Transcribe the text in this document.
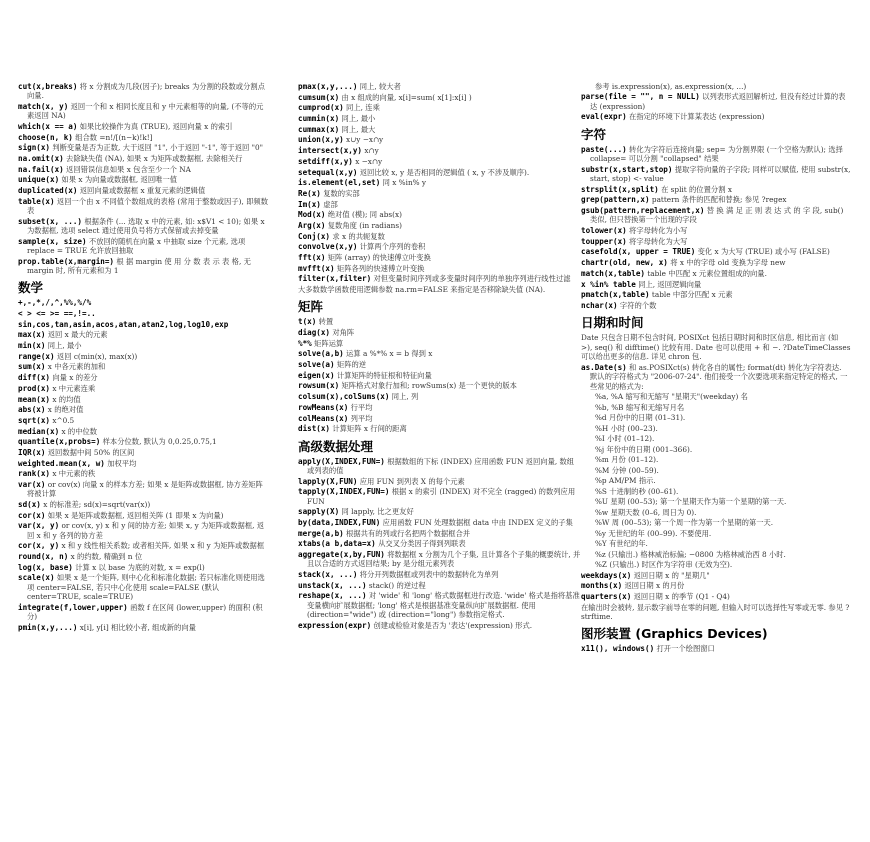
cut(x,breaks) 将 x 分割成为几段(因子); breaks 为分割的段数或分割点向量.
match(x, y) 返回一个和 x 相同长度且和 y 中元素相等的向量, (不等的元素返回 NA)
which(x == a) 如果比较操作为真 (TRUE), 返回向量 x 的索引
choose(n, k) 组合数 =n!/[(n−k)!k!]
sign(x) 判断变量是否为正数, 大于返回 "1", 小于返回 "-1", 等于返回 "0"
na.omit(x) 去除缺失值 (NA), 如果 x 为矩阵或数据框, 去除相关行
na.fail(x) 返回错误信息如果 x 包含至少一个 NA
unique(x) 如果 x 为向量或数据框, 返回唯一值
duplicated(x) 返回向量或数据框 x 重复元素的逻辑值
table(x) 返回一个由 x 不同值个数组成的表格 (常用于整数或因子), 即频数表
subset(x, ...) 根据条件 (... 选取 x 中的元素, 如: x$V1 < 10); 如果 x 为数据框, 选项 select 通过使用负号将方式保留或去掉变量
sample(x, size) 不放回的随机在向量 x 中抽取 size 个元素, 选项 replace = TRUE 允许放回抽取
prop.table(x,margin=) 根 据 margin 使 用 分 数 表 示 表 格, 无 margin 时, 所有元素和为 1
数学
+,-,*,/,^,%%,%/%
< > <= >= ==,!=..
sin,cos,tan,asin,acos,atan,atan2,log,log10,exp
max(x) 返回 x 最大的元素
min(x) 同上, 最小
range(x) 返回 c(min(x), max(x))
sum(x) x 中各元素的加和
diff(x) 向量 x 的差分
prod(x) x 中元素连乘
mean(x) x 的均值
abs(x) x 的绝对值
sqrt(x) x^0.5
median(x) x 的中位数
quantile(x,probs=) 样本分位数, 默认为 0,0.25,0.75,1
IQR(x) 返回数据中间 50% 的区间
weighted.mean(x, w) 加权平均
rank(x) x 中元素的秩
var(x) or cov(x) 向量 x 的样本方差; 如果 x 是矩阵或数据框, 协方差矩阵将被计算
sd(x) x 的标准差; sd(x)=sqrt(var(x))
cor(x) 如果 x 是矩阵或数据框, 返回相关阵 (1 即果 x 为向量)
var(x, y) or cov(x, y) x 和 y 间的协方差; 如果 x, y 为矩阵或数据框, 返回 x 和 y 各列的协方差
cor(x, y) x 和 y 线性相关系数; 或者相关阵, 如果 x 和 y 为矩阵或数据框
round(x, n) x 的约数, 精确到 n 位
log(x, base) 计算 x 以 base 为底的对数, x = exp(l)
scale(x) 如果 x 是一个矩阵, 则中心化和标准化数据; 若只标准化则使用选项 center=FALSE, 若只中心化使用 scale=FALSE (默认 center=TRUE, scale=TRUE)
integrate(f,lower,upper) 函数 f 在区间 (lower,upper) 的面积 (积分)
pmin(x,y,...) x[i], y[i] 相比较小者, 组成新的向量
pmax(x,y,...) 同上, 较大者
cumsum(x) 由 x 组成的向量, x[i]=sum( x[1]:x[i] )
cumprod(x) 同上, 连乘
cummin(x) 同上, 最小
cummax(x) 同上, 最大
union(x,y) x∪y −x∩y
intersect(x,y) x∩y
setdiff(x,y) x −x∩y
setequal(x,y) 返回比较 x, y 是否相同的逻辑值 ( x, y 不涉及顺序).
is.element(el,set) 同 x %in% y
Re(x) 复数的实部
Im(x) 虚部
Mod(x) 绝对值 (模); 同 abs(x)
Arg(x) 复数角度 (in radians)
Conj(x) 求 x 的共轭复数
convolve(x,y) 计算两个序列的卷积
fft(x) 矩阵 (array) 的快速傅立叶变换
mvfft(x) 矩阵各列的快速傅立叶变换
filter(x,filter) 对但变量时间序列或多变量时间序列的单独序列进行线性过滤
大多数数学函数使用逻辑参数 na.rm=FALSE 来指定是否移除缺失值 (NA).
矩阵
t(x) 转置
diag(x) 对角阵
%*% 矩阵运算
solve(a,b) 运算 a %*% x = b 得到 x
solve(a) 矩阵的逆
eigen(x) 计算矩阵的特征根和特征向量
rowsum(x) 矩阵格式对象行加和; rowSums(x) 是一个更快的版本
colsum(x),colSums(x) 同上, 列
rowMeans(x) 行平均
colMeans(x) 列平均
dist(x) 计算矩阵 x 行间的距离
高级数据处理
apply(X,INDEX,FUN=) 根据数组的下标 (INDEX) 应用函数 FUN 返回向量, 数组或列表的值
lapply(X,FUN) 应用 FUN 到列表 X 的每个元素
tapply(X,INDEX,FUN=) 根据 x 的索引 (INDEX) 对不完全 (ragged) 的数列应用 FUN
sapply(X) 同 lapply, 比之更友好
by(data,INDEX,FUN) 应用函数 FUN 处理数据框 data 中由 INDEX 定义的子集
merge(a,b) 根据共有的列或行名把两个数据框合并
xtabs(a b,data=x) 从交叉分类因子得到列联表
aggregate(x,by,FUN) 将数据框 x 分割为几个子集, 且计算各个子集的概要统计, 并且以合适的方式返回结果; by 是分组元素列表
stack(x, ...) 将分开列数据框或列表中的数据转化为单列
unstack(x, ...) stack() 的逆过程
reshape(x, ...) 对 'wide' 和 'long' 格式数据框进行改造. 'wide' 格式是指将基准变量横向扩展数据框; 'long' 格式是根据基准变量纵向扩展数据框. 使用 (direction="wide") 或 (direction="long") 参数指定格式.
expression(expr) 创建或检验对象是否为 '表达'(expression) 形式.
参考 is.expression(x), as.expression(x, ...)
parse(file = "", n = NULL) 以列表形式返回解析过, 但没有经过计算的表达 (expression)
eval(expr) 在指定的环境下计算某表达 (expression)
字符
paste(...) 转化为字符后连接向量; sep= 为分割界限 (一个空格为默认); 选择 collapse= 可以分割 "collapsed" 结果
substr(x,start,stop) 提取字符向量的子字段; 同样可以赋值, 使用 substr(x, start, stop) <- value
strsplit(x,split) 在 split 的位置分割 x
grep(pattern,x) pattern 条件的匹配和替换; 参见 ?regex
gsub(pattern,replacement,x) 替 换 满 足 正 则 表 达 式 的 字 段, sub() 类似, 但只替换第一个出现的字段
tolower(x) 将字母转化为小写
toupper(x) 将字母转化为大写
casefold(x, upper = TRUE) 变化 x 为大写 (TRUE) 或小写 (FALSE)
chartr(old, new, x) 将 x 中的字母 old 变换为字母 new
match(x,table) table 中匹配 x 元素位置组成的向量.
x %in% table 同上, 返回逻辑向量
pmatch(x,table) table 中部分匹配 x 元素
nchar(x) 字符的个数
日期和时间
Date 只包含日期不包含时间, POSIXct 包括日期时间和时区信息, 相比而言 (如 >), seq() 和 difftime() 比较有用. Date 也可以使用 + 和 −. ?DateTimeClasses 可以给出更多的信息. 详见 chron 包.
as.Date(s) 和 as.POSIXct(s) 转化各自的属性; format(dt) 转化为字符表达. 默认的字符格式为 "2006-07-24". 他们接受一个次要选项来指定特定的格式, 一些常见的格式为:
%a, %A 缩写和无缩写 "星期天"(weekday) 名
%b, %B 缩写和无缩写月名
%d 月份中的日期 (01–31).
%H 小时 (00–23).
%I 小时 (01–12).
%j 年份中的日期 (001–366).
%m 月份 (01–12).
%M 分钟 (00–59).
%p AM/PM 指示.
%S 十进制的秒 (00–61).
%U 星期 (00–53); 第一个星期天作为第一个星期的第一天.
%w 星期天数 (0–6, 周日为 0).
%W 周 (00–53); 第一个周一作为第一个星期的第一天.
%y 无世纪的年 (00–99). 不要使用.
%Y 有世纪的年.
%z (只输出.) 格林威治标偏; −0800 为格林威治西 8 小时.
%Z (只输出.) 时区作为字符串 (无效为空).
weekdays(x) 返回日期 x 的 "星期几"
months(x) 返回日期 x 的月份
quarters(x) 返回日期 x 的季节 (Q1 - Q4)
在输出时会被转, 显示数字前导在零的问题, 但输入时可以选择性写零或无零. 参见 ?strftime.
图形装置 (Graphics Devices)
x11(), windows() 打开一个绘图窗口
